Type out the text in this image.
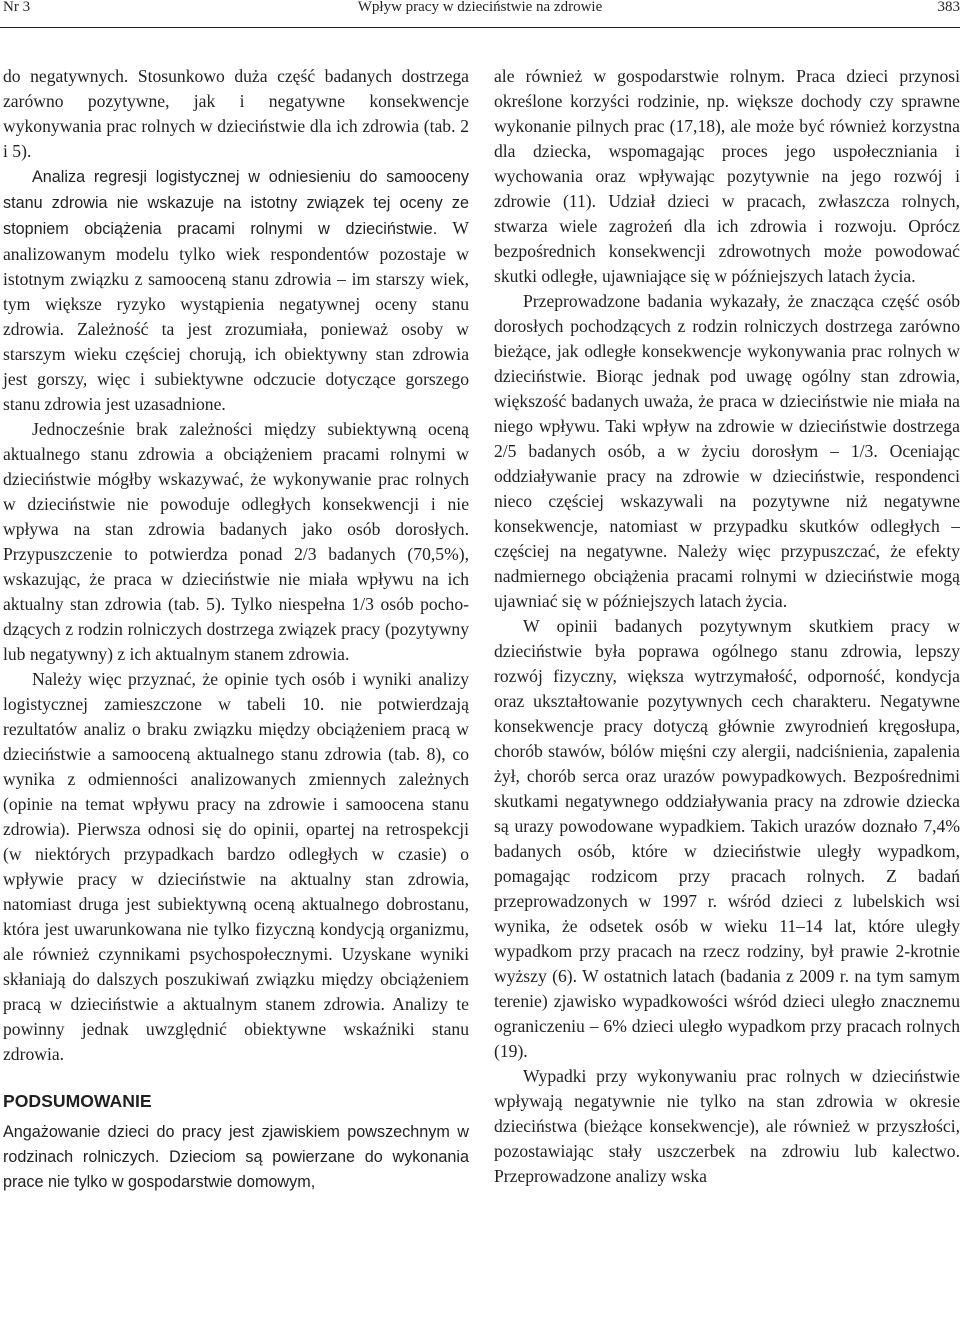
Wpływ pracy w dzieciństwie na zdrowie
Nr 3	383

do negatywnych. Stosunkowo duża część badanych dostrzega zarówno pozytywne, jak i negatywne konsekwencje wykonywania prac rolnych w dzieciństwie dla ich zdrowia (tab. 2 i 5).

Analiza regresji logistycznej w odniesieniu do samooceny stanu zdrowia nie wskazuje na istotny związek tej oceny ze stopniem obciążenia pracami rolnymi w dzieciństwie. W analizowanym modelu tylko wiek respondentów pozostaje w istotnym związku z samooceną stanu zdrowia – im starszy wiek, tym większe ryzyko wystąpienia negatywnej oceny stanu zdrowia. Zależność ta jest zrozumiała, ponieważ osoby w starszym wieku częściej chorują, ich obiektywny stan zdrowia jest gorszy, więc i subiektywne odczucie dotyczące gorszego stanu zdrowia jest uzasadnione.

Jednocześnie brak zależności między subiektywną oceną aktualnego stanu zdrowia a obciążeniem pracami rolnymi w dzieciństwie mógłby wskazywać, że wykonywanie prac rolnych w dzieciństwie nie powoduje odległych konsekwencji i nie wpływa na stan zdrowia badanych jako osób dorosłych. Przypuszczenie to potwierdza ponad 2/3 badanych (70,5%), wskazując, że praca w dzieciństwie nie miała wpływu na ich aktualny stan zdrowia (tab. 5). Tylko niespełna 1/3 osób pochodzących z rodzin rolniczych dostrzega związek pracy (pozytywny lub negatywny) z ich aktualnym stanem zdrowia.

Należy więc przyznać, że opinie tych osób i wyniki analizy logistycznej zamieszczone w tabeli 10. nie potwierdzają rezultatów analiz o braku związku między obciążeniem pracą w dzieciństwie a samooceną aktualnego stanu zdrowia (tab. 8), co wynika z odmienności analizowanych zmiennych zależnych (opinie na temat wpływu pracy na zdrowie i samoocena stanu zdrowia). Pierwsza odnosi się do opinii, opartej na retrospekcji (w niektórych przypadkach bardzo odległych w czasie) o wpływie pracy w dzieciństwie na aktualny stan zdrowia, natomiast druga jest subiektywną oceną aktualnego dobrostanu, która jest uwarunkowana nie tylko fizyczną kondycją organizmu, ale również czynnikami psychospołecznymi. Uzyskane wyniki skłaniają do dalszych poszukiwań związku między obciążeniem pracą w dzieciństwie a aktualnym stanem zdrowia. Analizy te powinny jednak uwzględnić obiektywne wskaźniki stanu zdrowia.

PODSUMOWANIE

Angażowanie dzieci do pracy jest zjawiskiem powszechnym w rodzinach rolniczych. Dzieciom są powierzane do wykonania prace nie tylko w gospodarstwie domowym,

ale również w gospodarstwie rolnym. Praca dzieci przynosi określone korzyści rodzinie, np. większe dochody czy sprawne wykonanie pilnych prac (17,18), ale może być również korzystna dla dziecka, wspomagając proces jego uspołeczniania i wychowania oraz wpływając pozytywnie na jego rozwój i zdrowie (11). Udział dzieci w pracach, zwłaszcza rolnych, stwarza wiele zagrożeń dla ich zdrowia i rozwoju. Oprócz bezpośrednich konsekwencji zdrowotnych może powodować skutki odległe, ujawniające się w późniejszych latach życia.

Przeprowadzone badania wykazały, że znacząca część osób dorosłych pochodzących z rodzin rolniczych dostrzega zarówno bieżące, jak odległe konsekwencje wykonywania prac rolnych w dzieciństwie. Biorąc jednak pod uwagę ogólny stan zdrowia, większość badanych uważa, że praca w dzieciństwie nie miała na niego wpływu. Taki wpływ na zdrowie w dzieciństwie dostrzega 2/5 badanych osób, a w życiu dorosłym – 1/3. Oceniając oddziaływanie pracy na zdrowie w dzieciństwie, respondenci nieco częściej wskazywali na pozytywne niż negatywne konsekwencje, natomiast w przypadku skutków odległych – częściej na negatywne. Należy więc przypuszczać, że efekty nadmiernego obciążenia pracami rolnymi w dzieciństwie mogą ujawniać się w późniejszych latach życia.

W opinii badanych pozytywnym skutkiem pracy w dzieciństwie była poprawa ogólnego stanu zdrowia, lepszy rozwój fizyczny, większa wytrzymałość, odporność, kondycja oraz ukształtowanie pozytywnych cech charakteru. Negatywne konsekwencje pracy dotyczą głównie zwyrodnień kręgosłupa, chorób stawów, bólów mięśni czy alergii, nadciśnienia, zapalenia żył, chorób serca oraz urazów powypadkowych. Bezpośrednimi skutkami negatywnego oddziaływania pracy na zdrowie dziecka są urazy powodowane wypadkiem. Takich urazów doznało 7,4% badanych osób, które w dzieciństwie uległy wypadkom, pomagając rodzicom przy pracach rolnych. Z badań przeprowadzonych w 1997 r. wśród dzieci z lubelskich wsi wynika, że odsetek osób w wieku 11–14 lat, które uległy wypadkom przy pracach na rzecz rodziny, był prawie 2-krotnie wyższy (6). W ostatnich latach (badania z 2009 r. na tym samym terenie) zjawisko wypadkowości wśród dzieci uległo znacznemu ograniczeniu – 6% dzieci uległo wypadkom przy pracach rolnych (19).

Wypadki przy wykonywaniu prac rolnych w dzieciństwie wpływają negatywnie nie tylko na stan zdrowia w okresie dzieciństwa (bieżące konsekwencje), ale również w przyszłości, pozostawiając stały uszczerbek na zdrowiu lub kalectwo. Przeprowadzone analizy wska
